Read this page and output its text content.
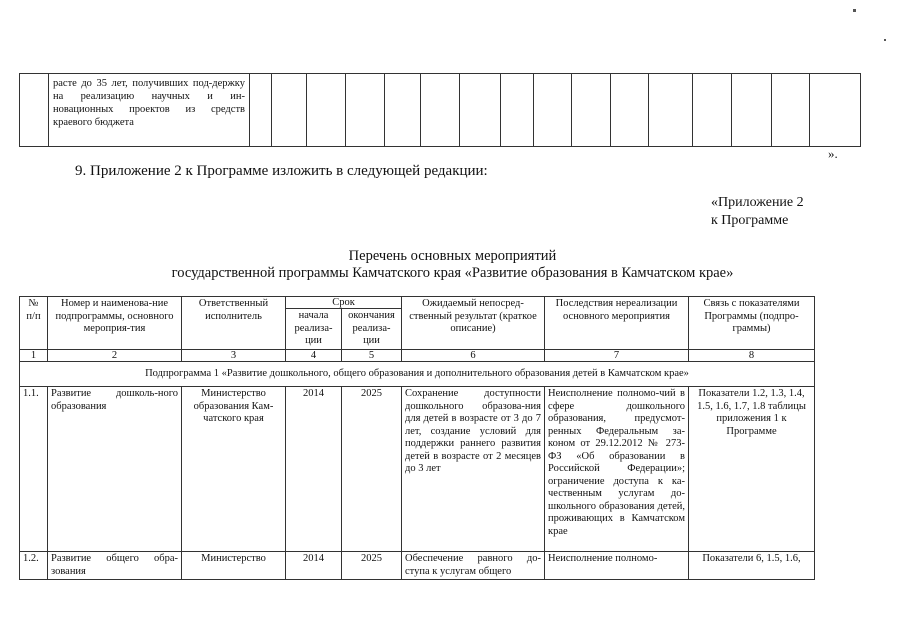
	расте до 35 лет, получивших под-держку на реализацию научных и ин-новационных проектов из средств краевого бюджета																
».
9. Приложение 2 к Программе изложить в следующей редакции:
«Приложение 2
к Программе
Перечень основных мероприятий
государственной программы Камчатского края «Развитие образования в Камчатском крае»
№ п/п	Номер и наименова-ние подпрограммы, основного мероприя-тия	Ответственный исполнитель	Срок		Ожидаемый непосред-ственный результат (краткое описание)	Последствия нереализации основного мероприятия	Связь с показателями Программы (подпро-граммы)
			начала реализа-ции	окончания реализа-ции			
1	2	3	4	5	6	7	8
Подпрограмма 1 «Развитие дошкольного, общего образования и дополнительного образования детей в Камчатском крае»							
1.1.	Развитие дошколь-ного образования	Министерство образования Кам-чатского края	2014	2025	Сохранение доступности дошкольного образова-ния для детей в возрасте от 3 до 7 лет, создание условий для поддержки раннего развития детей в возрасте от 2 месяцев до 3 лет	Неисполнение полномо-чий в сфере дошкольного образования, предусмот-ренных Федеральным за-коном от 29.12.2012 № 273-ФЗ «Об образовании в Российской Федерации»; ограничение доступа к ка-чественным услугам до-школьного образования детей, проживающих в Камчатском крае	Показатели 1.2, 1.3, 1.4, 1.5, 1.6, 1.7, 1.8 таблицы приложения 1 к Программе
1.2.	Развитие общего обра-зования	Министерство	2014	2025	Обеспечение равного до-ступа к услугам общего	Неисполнение полномо-	Показатели 6, 1.5, 1.6,
